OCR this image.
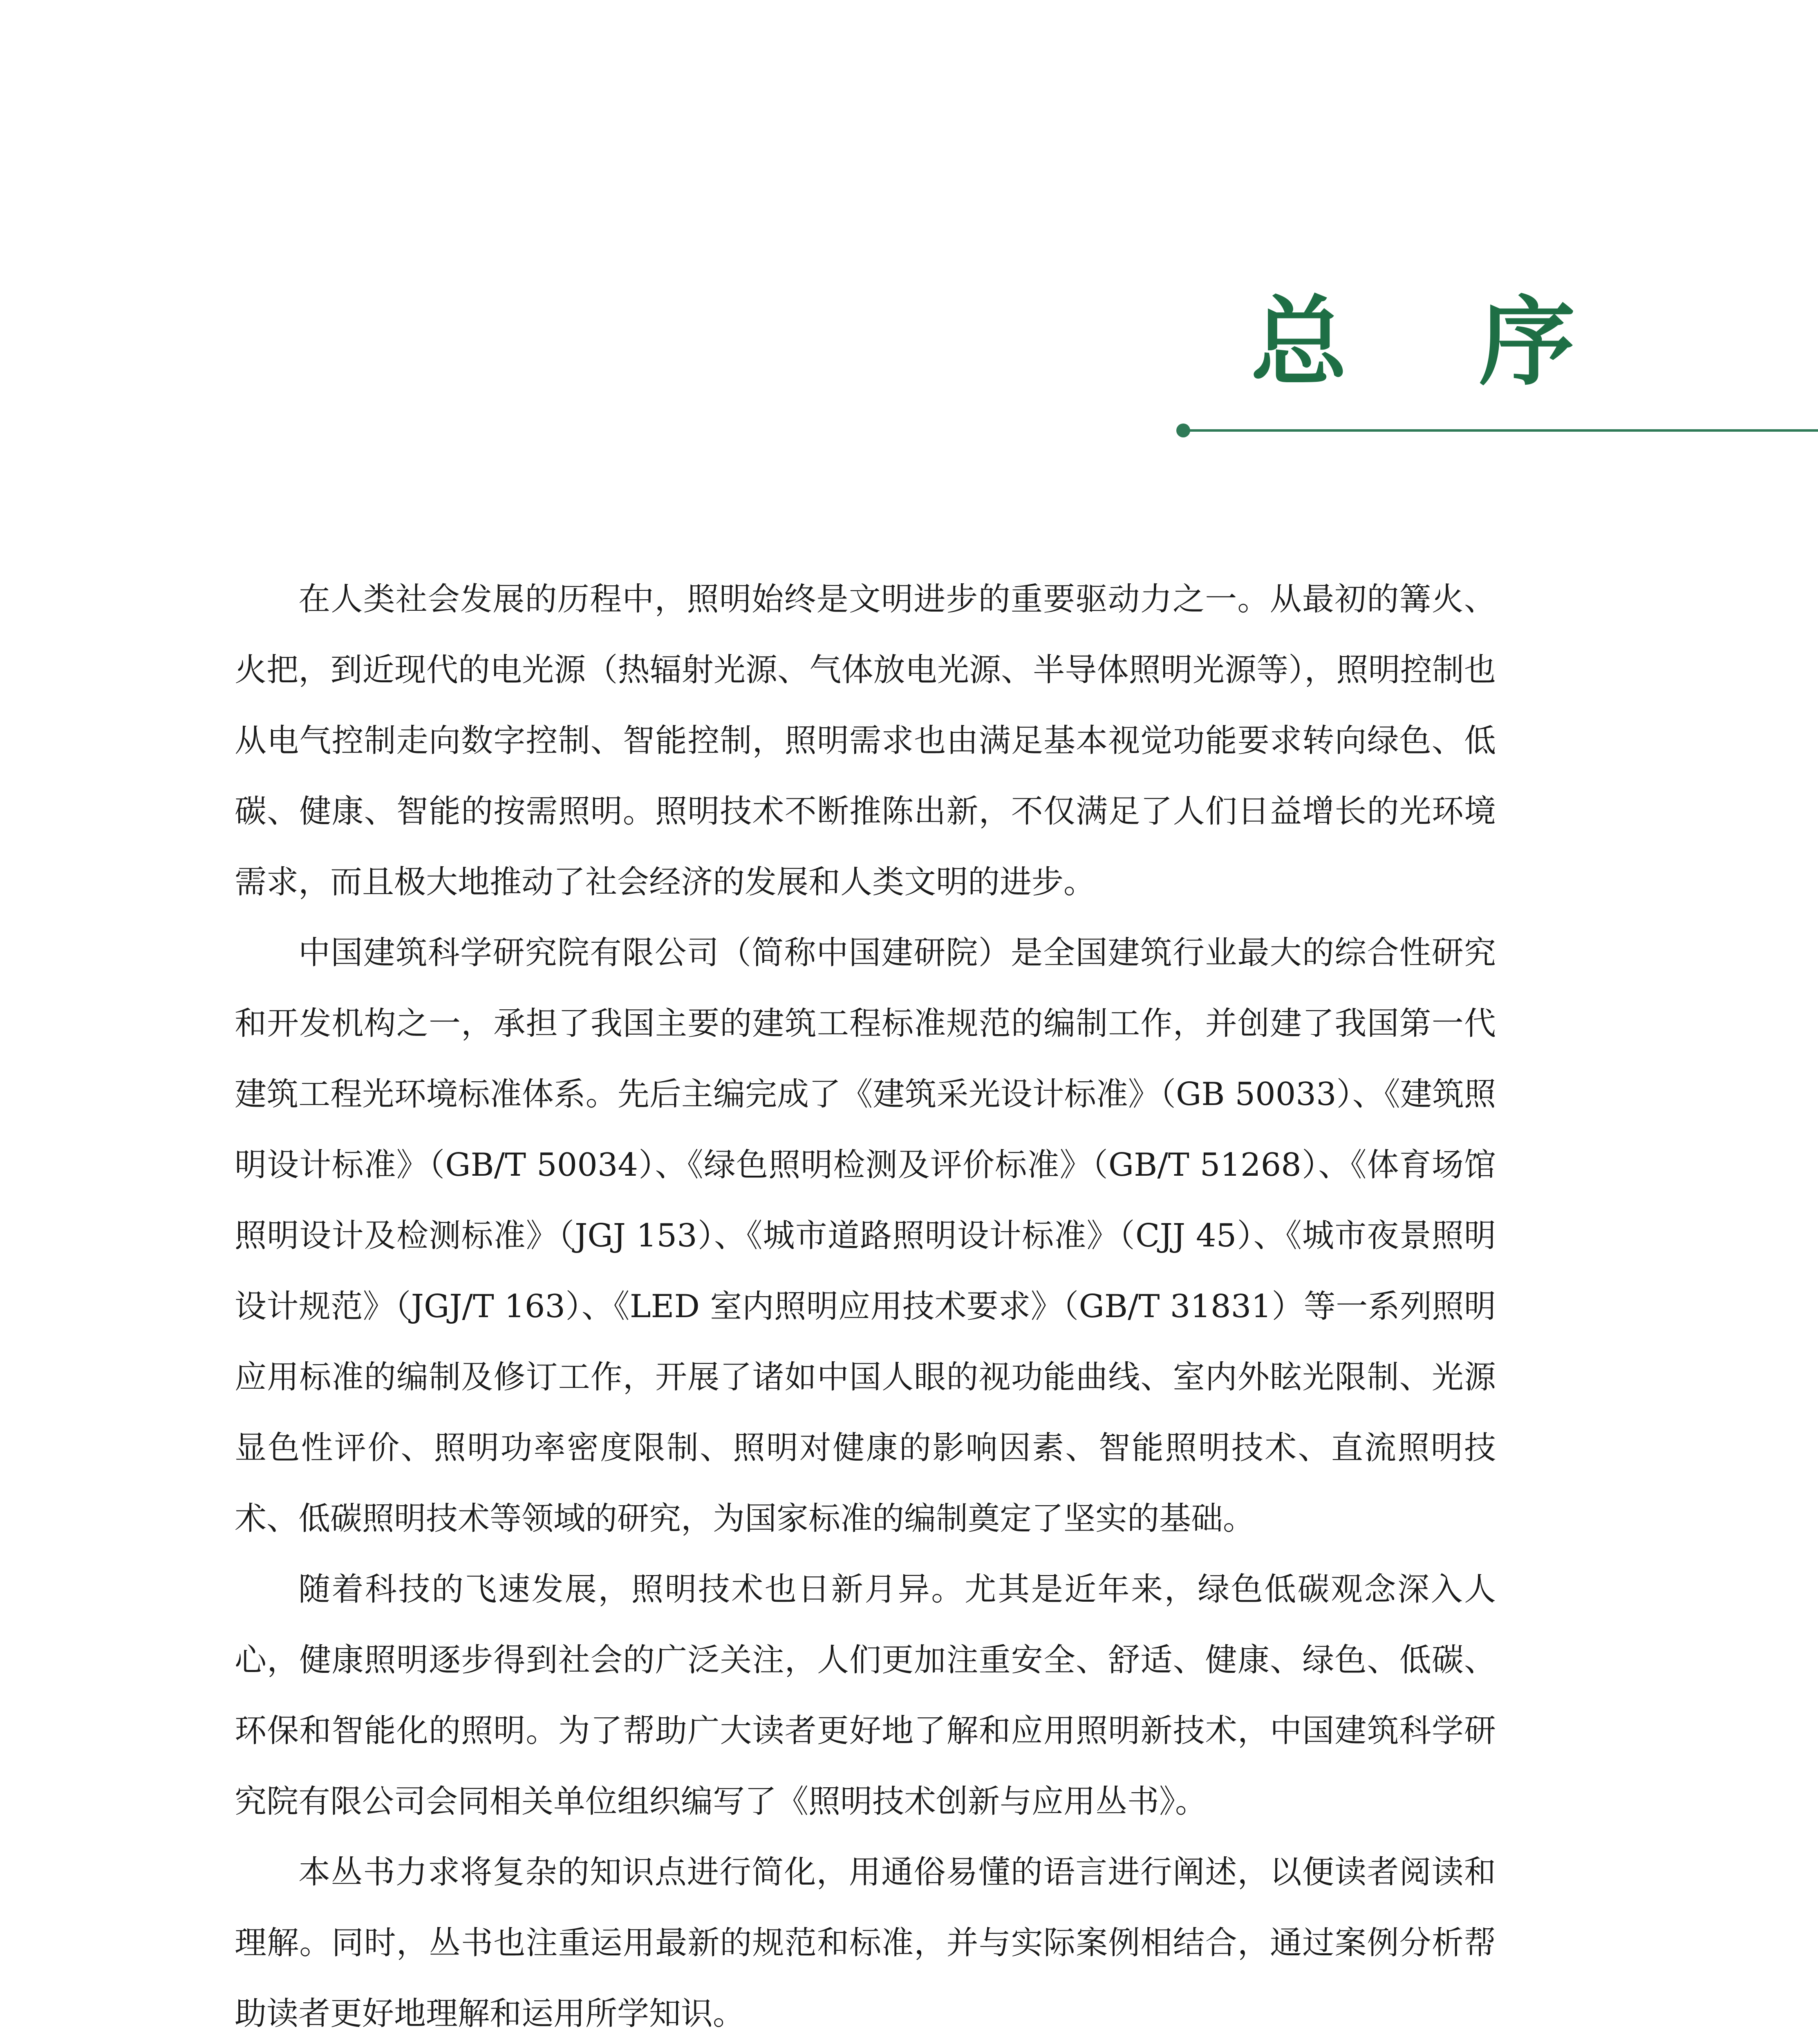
总 序

在人类社会发展的历程中，照明始终是文明进步的重要驱动力之一。从最初的篝火、火把，到近现代的电光源（热辐射光源、气体放电光源、半导体照明光源等），照明控制也从电气控制走向数字控制、智能控制，照明需求也由满足基本视觉功能要求转向绿色、低碳、健康、智能的按需照明。照明技术不断推陈出新，不仅满足了人们日益增长的光环境需求，而且极大地推动了社会经济的发展和人类文明的进步。

中国建筑科学研究院有限公司（简称中国建研院）是全国建筑行业最大的综合性研究和开发机构之一，承担了我国主要的建筑工程标准规范的编制工作，并创建了我国第一代建筑工程光环境标准体系。先后主编完成了《建筑采光设计标准》（GB 50033）、《建筑照明设计标准》（GB/T 50034）、《绿色照明检测及评价标准》（GB/T 51268）、《体育场馆照明设计及检测标准》（JGJ 153）、《城市道路照明设计标准》（CJJ 45）、《城市夜景照明设计规范》（JGJ/T 163）、《LED 室内照明应用技术要求》（GB/T 31831）等一系列照明应用标准的编制及修订工作，开展了诸如中国人眼的视功能曲线、室内外眩光限制、光源显色性评价、照明功率密度限制、照明对健康的影响因素、智能照明技术、直流照明技术、低碳照明技术等领域的研究，为国家标准的编制奠定了坚实的基础。

随着科技的飞速发展，照明技术也日新月异。尤其是近年来，绿色低碳观念深入人心，健康照明逐步得到社会的广泛关注，人们更加注重安全、舒适、健康、绿色、低碳、环保和智能化的照明。为了帮助广大读者更好地了解和应用照明新技术，中国建筑科学研究院有限公司会同相关单位组织编写了《照明技术创新与应用丛书》。

本丛书力求将复杂的知识点进行简化，用通俗易懂的语言进行阐述，以便读者阅读和理解。同时，丛书也注重运用最新的规范和标准，并与实际案例相结合，通过案例分析帮助读者更好地理解和运用所学知识。
